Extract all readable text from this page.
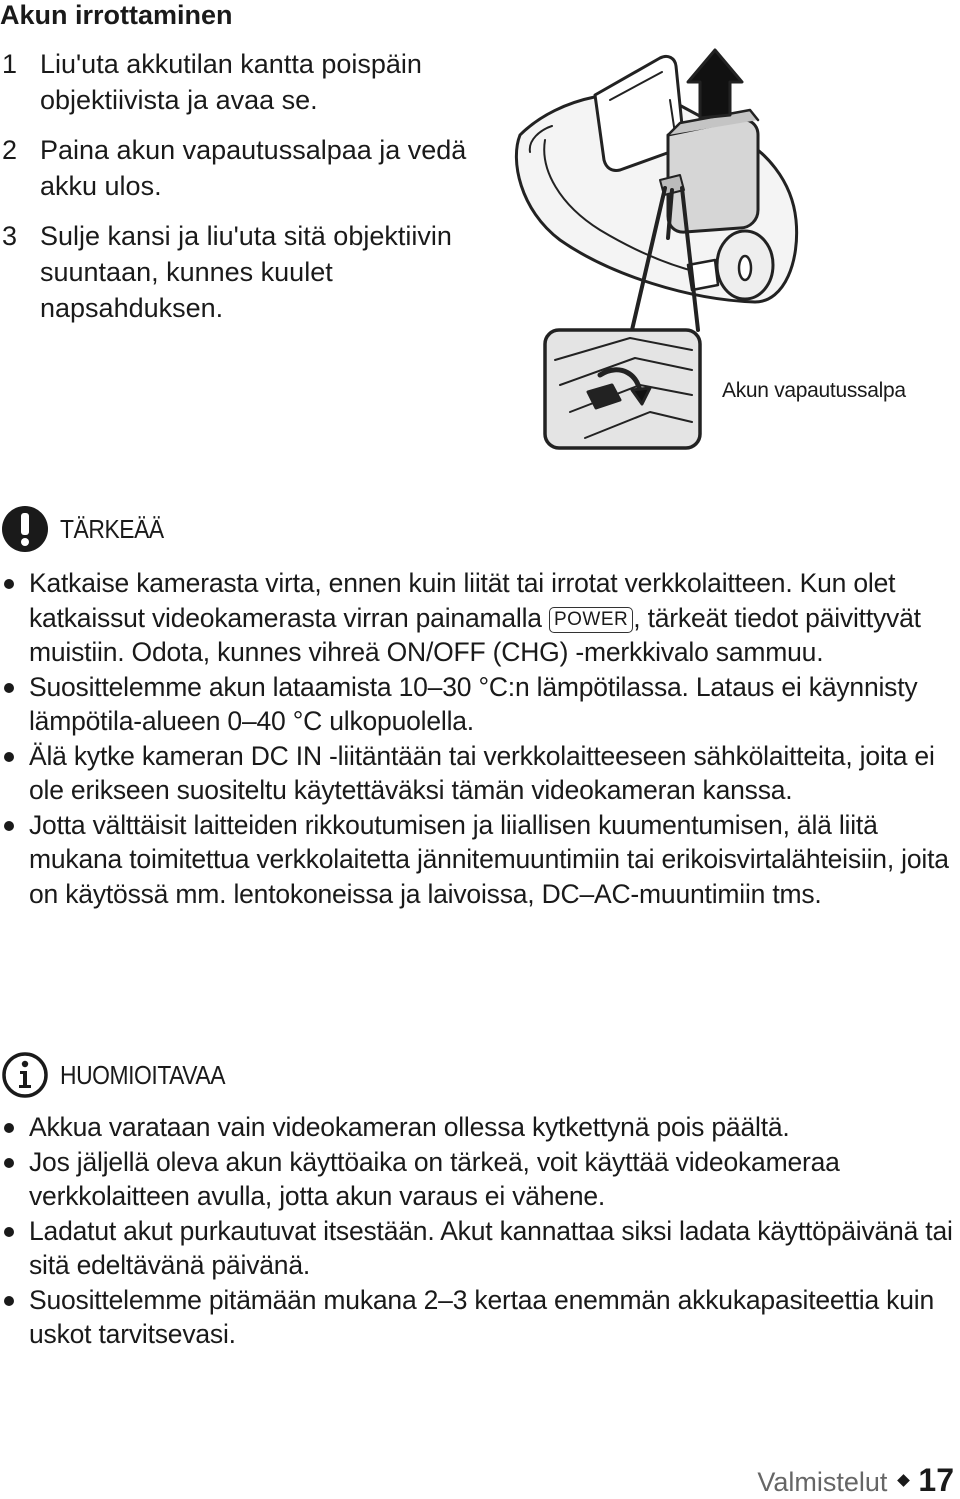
Akun irrottaminen
1 Liu'uta akkutilan kantta poispäin objektiivista ja avaa se.
2 Paina akun vapautussalpaa ja vedä akku ulos.
3 Sulje kansi ja liu'uta sitä objektiivin suuntaan, kunnes kuulet napsahduksen.
Akun vapautussalpa
TÄRKEÄÄ
Katkaise kamerasta virta, ennen kuin liität tai irrotat verkkolaitteen. Kun olet katkaissut videokamerasta virran painamalla POWER , tärkeät tiedot päivittyvät muistiin. Odota, kunnes vihreä ON/OFF (CHG) -merkkivalo sammuu.
Suosittelemme akun lataamista 10–30 °C:n lämpötilassa. Lataus ei käynnisty lämpötila-alueen 0–40 °C ulkopuolella.
Älä kytke kameran DC IN -liitäntään tai verkkolaitteeseen sähkölaitteita, joita ei ole erikseen suositeltu käytettäväksi tämän videokameran kanssa.
Jotta välttäisit laitteiden rikkoutumisen ja liiallisen kuumentumisen, älä liitä mukana toimitettua verkkolaitetta jännitemuuntimiin tai erikoisvirtalähteisiin, joita on käytössä mm. lentokoneissa ja laivoissa, DC–AC-muuntimiin tms.
HUOMIOITAVAA
Akkua varataan vain videokameran ollessa kytkettynä pois päältä.
Jos jäljellä oleva akun käyttöaika on tärkeä, voit käyttää videokameraa verkkolaitteen avulla, jotta akun varaus ei vähene.
Ladatut akut purkautuvat itsestään. Akut kannattaa siksi ladata käyttöpäivänä tai sitä edeltävänä päivänä.
Suosittelemme pitämään mukana 2–3 kertaa enemmän akkukapasiteettia kuin uskot tarvitsevasi.
Valmistelut 17
